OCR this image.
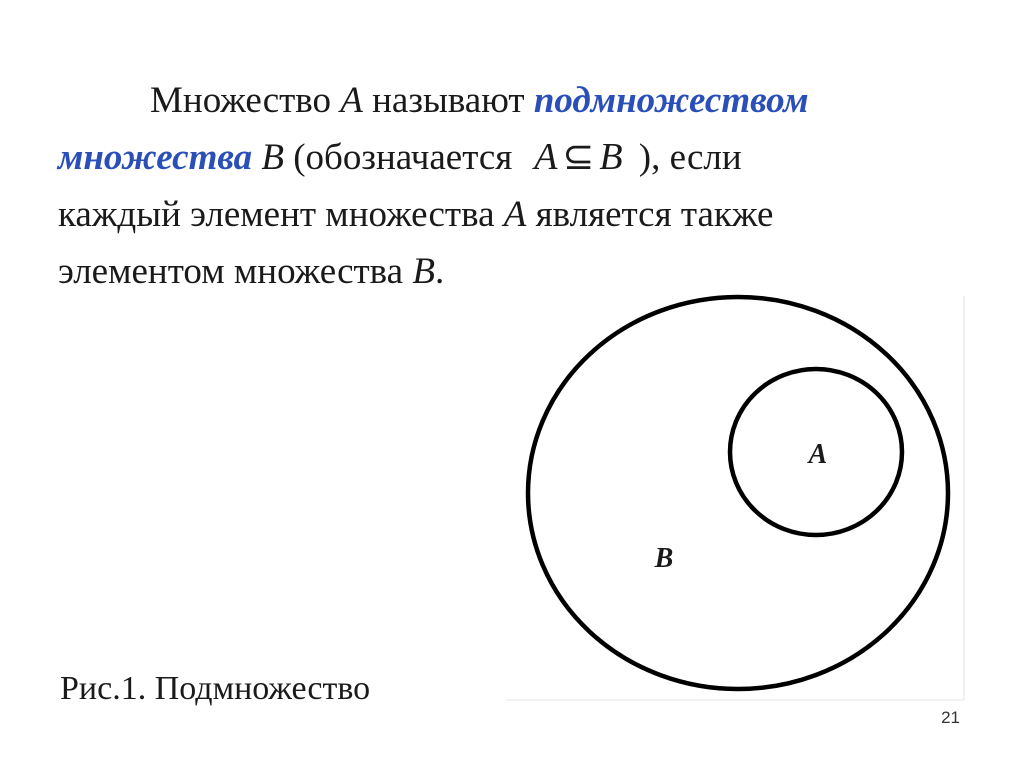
Множество A называют подмножеством
множества B (обозначается A ⊆ B ), если
каждый элемент множества A является также
элементом множества B.
A
B
Рис.1. Подмножество
21
